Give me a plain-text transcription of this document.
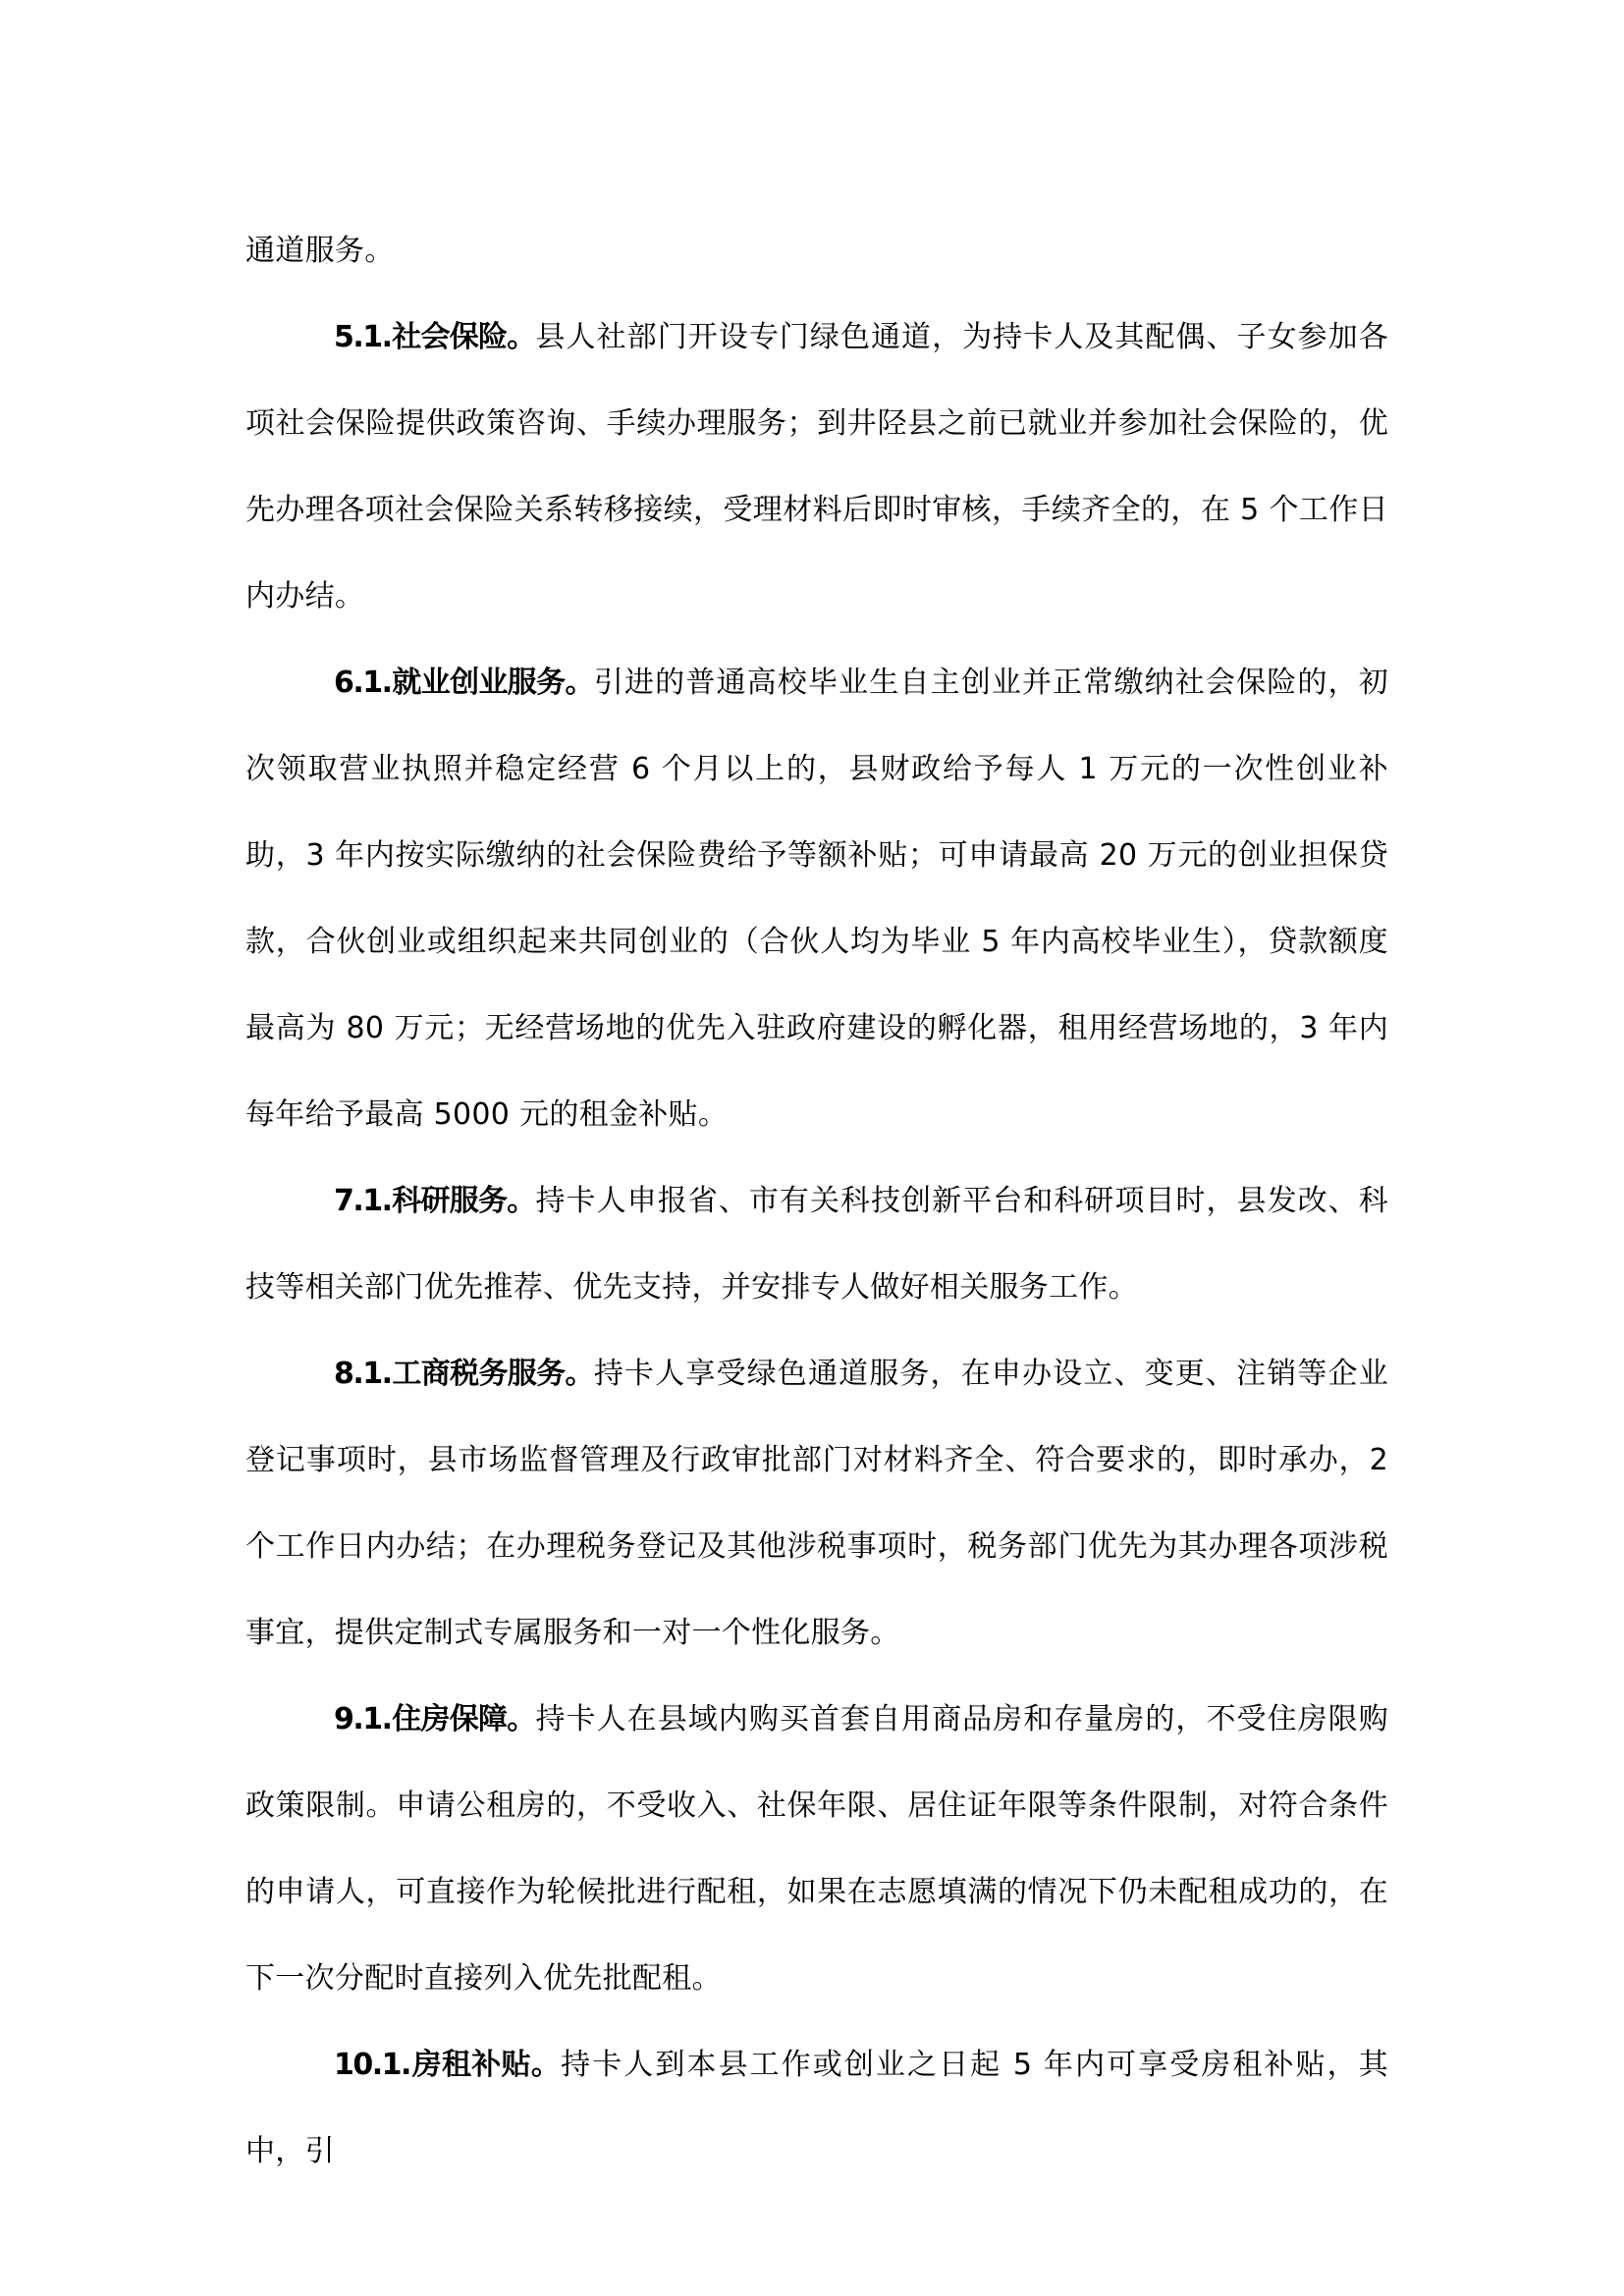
通道服务。

5.1.社会保险。县人社部门开设专门绿色通道，为持卡人及其配偶、子女参加各项社会保险提供政策咨询、手续办理服务；到井陉县之前已就业并参加社会保险的，优先办理各项社会保险关系转移接续，受理材料后即时审核，手续齐全的，在 5 个工作日内办结。

6.1.就业创业服务。引进的普通高校毕业生自主创业并正常缴纳社会保险的，初次领取营业执照并稳定经营 6 个月以上的，县财政给予每人 1 万元的一次性创业补助，3 年内按实际缴纳的社会保险费给予等额补贴；可申请最高 20 万元的创业担保贷款，合伙创业或组织起来共同创业的（合伙人均为毕业 5 年内高校毕业生），贷款额度最高为 80 万元；无经营场地的优先入驻政府建设的孵化器，租用经营场地的，3 年内每年给予最高 5000 元的租金补贴。

7.1.科研服务。持卡人申报省、市有关科技创新平台和科研项目时，县发改、科技等相关部门优先推荐、优先支持，并安排专人做好相关服务工作。

8.1.工商税务服务。持卡人享受绿色通道服务，在申办设立、变更、注销等企业登记事项时，县市场监督管理及行政审批部门对材料齐全、符合要求的，即时承办，2 个工作日内办结；在办理税务登记及其他涉税事项时，税务部门优先为其办理各项涉税事宜，提供定制式专属服务和一对一个性化服务。

9.1.住房保障。持卡人在县域内购买首套自用商品房和存量房的，不受住房限购政策限制。申请公租房的，不受收入、社保年限、居住证年限等条件限制，对符合条件的申请人，可直接作为轮候批进行配租，如果在志愿填满的情况下仍未配租成功的，在下一次分配时直接列入优先批配租。

10.1.房租补贴。持卡人到本县工作或创业之日起 5 年内可享受房租补贴，其中，引
